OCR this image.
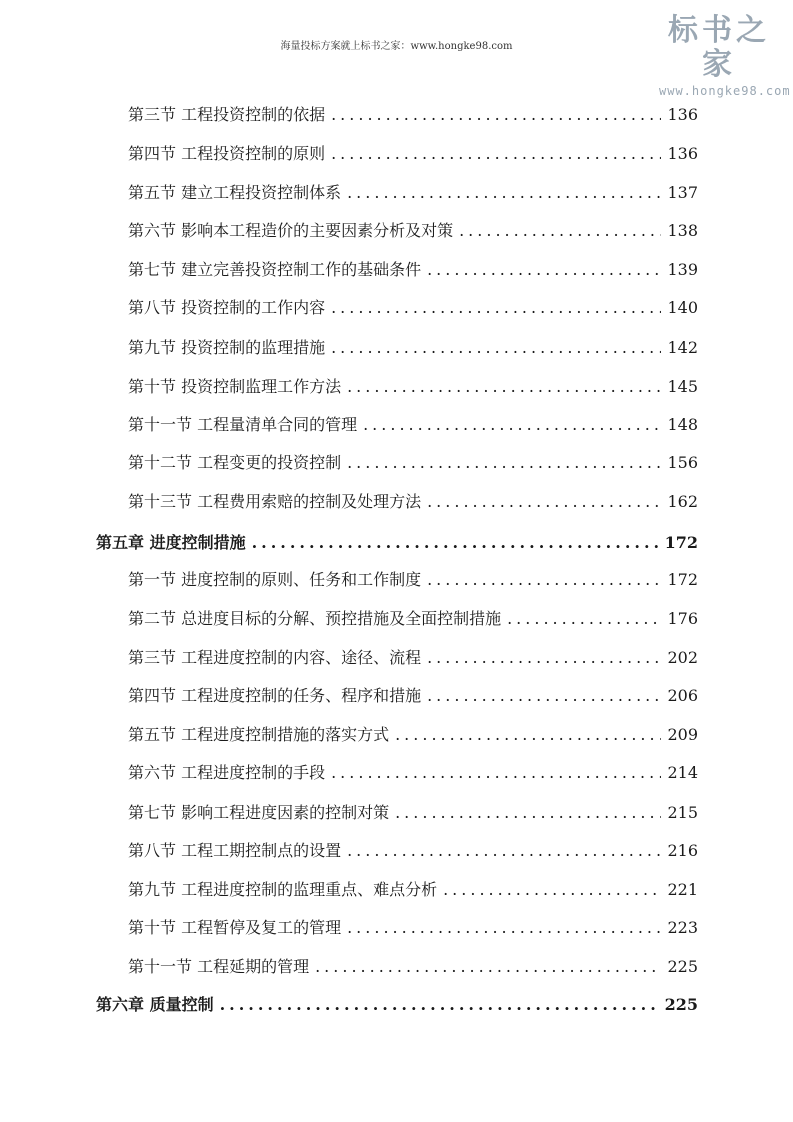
海量投标方案就上标书之家：www.hongke98.com	标书之家
www.hongke98.com
第三节 工程投资控制的依据 .....	136
第四节 工程投资控制的原则 .....	136
第五节 建立工程投资控制体系 .....	137
第六节 影响本工程造价的主要因素分析及对策 .....	138
第七节 建立完善投资控制工作的基础条件 .....	139
第八节 投资控制的工作内容 .....	140
第九节 投资控制的监理措施 .....	142
第十节 投资控制监理工作方法 .....	145
第十一节 工程量清单合同的管理 .....	148
第十二节 工程变更的投资控制 .....	156
第十三节 工程费用索赔的控制及处理方法 .....	162
第五章 进度控制措施 .....	172
第一节 进度控制的原则、任务和工作制度 .....	172
第二节 总进度目标的分解、预控措施及全面控制措施 .....	176
第三节 工程进度控制的内容、途径、流程 .....	202
第四节 工程进度控制的任务、程序和措施 .....	206
第五节 工程进度控制措施的落实方式 .....	209
第六节 工程进度控制的手段 .....	214
第七节 影响工程进度因素的控制对策 .....	215
第八节 工程工期控制点的设置 .....	216
第九节 工程进度控制的监理重点、难点分析 .....	221
第十节 工程暂停及复工的管理 .....	223
第十一节 工程延期的管理 .....	225
第六章 质量控制 .....	225
